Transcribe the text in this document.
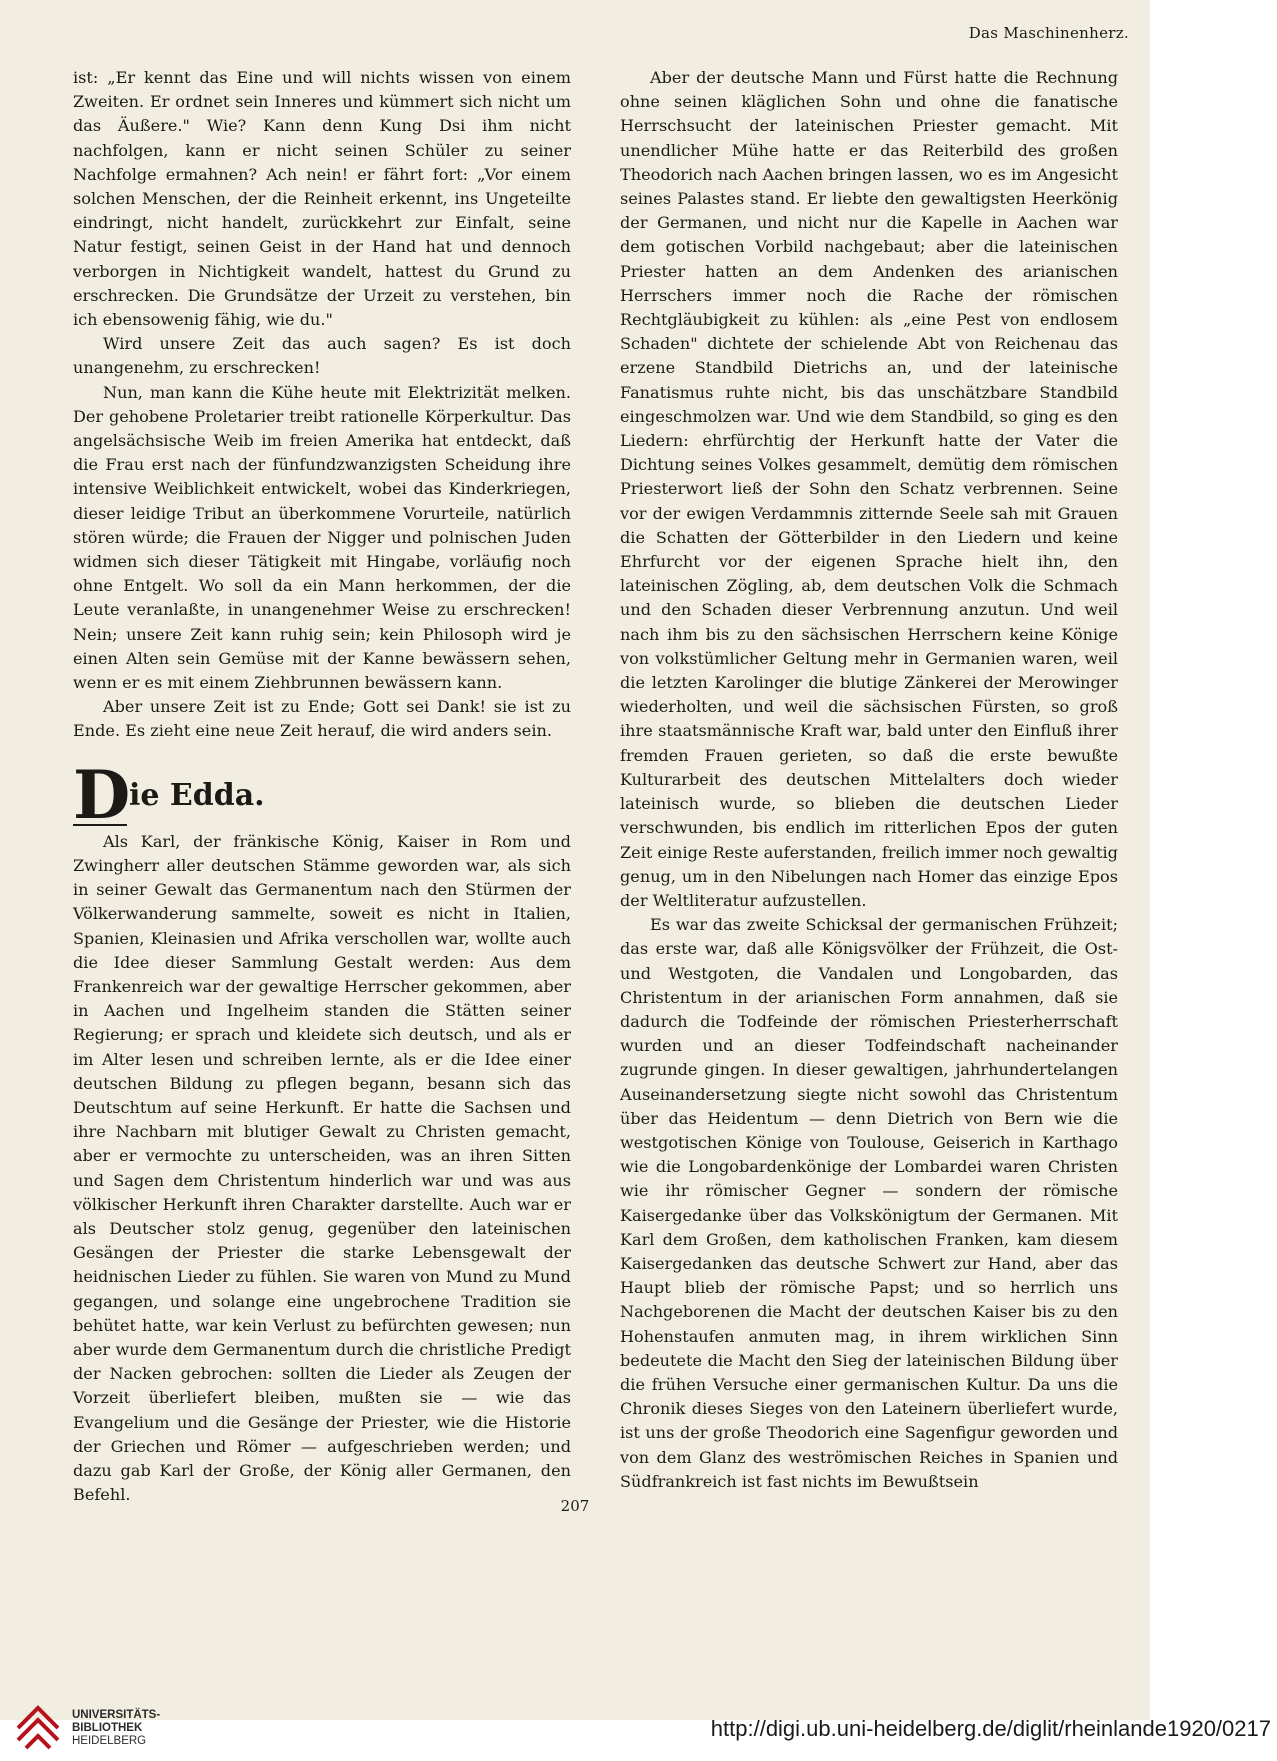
Das Maschinenherz.

ist: „Er kennt das Eine und will nichts wissen von einem Zweiten. Er ordnet sein Inneres und kümmert sich nicht um das Äußere." Wie? Kann denn Kung Dsi ihm nicht nachfolgen, kann er nicht seinen Schüler zu seiner Nachfolge ermahnen? Ach nein! er fährt fort: „Vor einem solchen Menschen, der die Reinheit erkennt, ins Ungeteilte eindringt, nicht handelt, zurückkehrt zur Einfalt, seine Natur festigt, seinen Geist in der Hand hat und dennoch verborgen in Nichtigkeit wandelt, hattest du Grund zu erschrecken. Die Grundsätze der Urzeit zu verstehen, bin ich ebensowenig fähig, wie du."

Wird unsere Zeit das auch sagen? Es ist doch unangenehm, zu erschrecken!

Nun, man kann die Kühe heute mit Elektrizität melken. Der gehobene Proletarier treibt rationelle Körperkultur. Das angelsächsische Weib im freien Amerika hat entdeckt, daß die Frau erst nach der fünfundzwanzigsten Scheidung ihre intensive Weiblichkeit entwickelt, wobei das Kinderkriegen, dieser leidige Tribut an überkommene Vorurteile, natürlich stören würde; die Frauen der Nigger und polnischen Juden widmen sich dieser Tätigkeit mit Hingabe, vorläufig noch ohne Entgelt. Wo soll da ein Mann herkommen, der die Leute veranlaßte, in unangenehmer Weise zu erschrecken! Nein; unsere Zeit kann ruhig sein; kein Philosoph wird je einen Alten sein Gemüse mit der Kanne bewässern sehen, wenn er es mit einem Ziehbrunnen bewässern kann.

Aber unsere Zeit ist zu Ende; Gott sei Dank! sie ist zu Ende. Es zieht eine neue Zeit herauf, die wird anders sein.

D
ie Edda.

Als Karl, der fränkische König, Kaiser in Rom und Zwingherr aller deutschen Stämme geworden war, als sich in seiner Gewalt das Germanentum nach den Stürmen der Völkerwanderung sammelte, soweit es nicht in Italien, Spanien, Kleinasien und Afrika verschollen war, wollte auch die Idee dieser Sammlung Gestalt werden: Aus dem Frankenreich war der gewaltige Herrscher gekommen, aber in Aachen und Ingelheim standen die Stätten seiner Regierung; er sprach und kleidete sich deutsch, und als er im Alter lesen und schreiben lernte, als er die Idee einer deutschen Bildung zu pflegen begann, besann sich das Deutschtum auf seine Herkunft. Er hatte die Sachsen und ihre Nachbarn mit blutiger Gewalt zu Christen gemacht, aber er vermochte zu unterscheiden, was an ihren Sitten und Sagen dem Christentum hinderlich war und was aus völkischer Herkunft ihren Charakter darstellte. Auch war er als Deutscher stolz genug, gegenüber den lateinischen Gesängen der Priester die starke Lebensgewalt der heidnischen Lieder zu fühlen. Sie waren von Mund zu Mund gegangen, und solange eine ungebrochene Tradition sie behütet hatte, war kein Verlust zu befürchten gewesen; nun aber wurde dem Germanentum durch die christliche Predigt der Nacken gebrochen: sollten die Lieder als Zeugen der Vorzeit überliefert bleiben, mußten sie — wie das Evangelium und die Gesänge der Priester, wie die Historie der Griechen und Römer — aufgeschrieben werden; und dazu gab Karl der Große, der König aller Germanen, den Befehl.

Aber der deutsche Mann und Fürst hatte die Rechnung ohne seinen kläglichen Sohn und ohne die fanatische Herrschsucht der lateinischen Priester gemacht. Mit unendlicher Mühe hatte er das Reiterbild des großen Theodorich nach Aachen bringen lassen, wo es im Angesicht seines Palastes stand. Er liebte den gewaltigsten Heerkönig der Germanen, und nicht nur die Kapelle in Aachen war dem gotischen Vorbild nachgebaut; aber die lateinischen Priester hatten an dem Andenken des arianischen Herrschers immer noch die Rache der römischen Rechtgläubigkeit zu kühlen: als „eine Pest von endlosem Schaden" dichtete der schielende Abt von Reichenau das erzene Standbild Dietrichs an, und der lateinische Fanatismus ruhte nicht, bis das unschätzbare Standbild eingeschmolzen war. Und wie dem Standbild, so ging es den Liedern: ehrfürchtig der Herkunft hatte der Vater die Dichtung seines Volkes gesammelt, demütig dem römischen Priesterwort ließ der Sohn den Schatz verbrennen. Seine vor der ewigen Verdammnis zitternde Seele sah mit Grauen die Schatten der Götterbilder in den Liedern und keine Ehrfurcht vor der eigenen Sprache hielt ihn, den lateinischen Zögling, ab, dem deutschen Volk die Schmach und den Schaden dieser Verbrennung anzutun. Und weil nach ihm bis zu den sächsischen Herrschern keine Könige von volkstümlicher Geltung mehr in Germanien waren, weil die letzten Karolinger die blutige Zänkerei der Merowinger wiederholten, und weil die sächsischen Fürsten, so groß ihre staatsmännische Kraft war, bald unter den Einfluß ihrer fremden Frauen gerieten, so daß die erste bewußte Kulturarbeit des deutschen Mittelalters doch wieder lateinisch wurde, so blieben die deutschen Lieder verschwunden, bis endlich im ritterlichen Epos der guten Zeit einige Reste auferstanden, freilich immer noch gewaltig genug, um in den Nibelungen nach Homer das einzige Epos der Weltliteratur aufzustellen.

Es war das zweite Schicksal der germanischen Frühzeit; das erste war, daß alle Königsvölker der Frühzeit, die Ost- und Westgoten, die Vandalen und Longobarden, das Christentum in der arianischen Form annahmen, daß sie dadurch die Todfeinde der römischen Priesterherrschaft wurden und an dieser Todfeindschaft nacheinander zugrunde gingen. In dieser gewaltigen, jahrhundertelangen Auseinandersetzung siegte nicht sowohl das Christentum über das Heidentum — denn Dietrich von Bern wie die westgotischen Könige von Toulouse, Geiserich in Karthago wie die Longobardenkönige der Lombardei waren Christen wie ihr römischer Gegner — sondern der römische Kaisergedanke über das Volkskönigtum der Germanen. Mit Karl dem Großen, dem katholischen Franken, kam diesem Kaisergedanken das deutsche Schwert zur Hand, aber das Haupt blieb der römische Papst; und so herrlich uns Nachgeborenen die Macht der deutschen Kaiser bis zu den Hohenstaufen anmuten mag, in ihrem wirklichen Sinn bedeutete die Macht den Sieg der lateinischen Bildung über die frühen Versuche einer germanischen Kultur. Da uns die Chronik dieses Sieges von den Lateinern überliefert wurde, ist uns der große Theodorich eine Sagenfigur geworden und von dem Glanz des weströmischen Reiches in Spanien und Südfrankreich ist fast nichts im Bewußtsein

207
UNIVERSITÄTS-
BIBLIOTHEK
HEIDELBERG	http://digi.ub.uni-heidelberg.de/diglit/rheinlande1920/0217
